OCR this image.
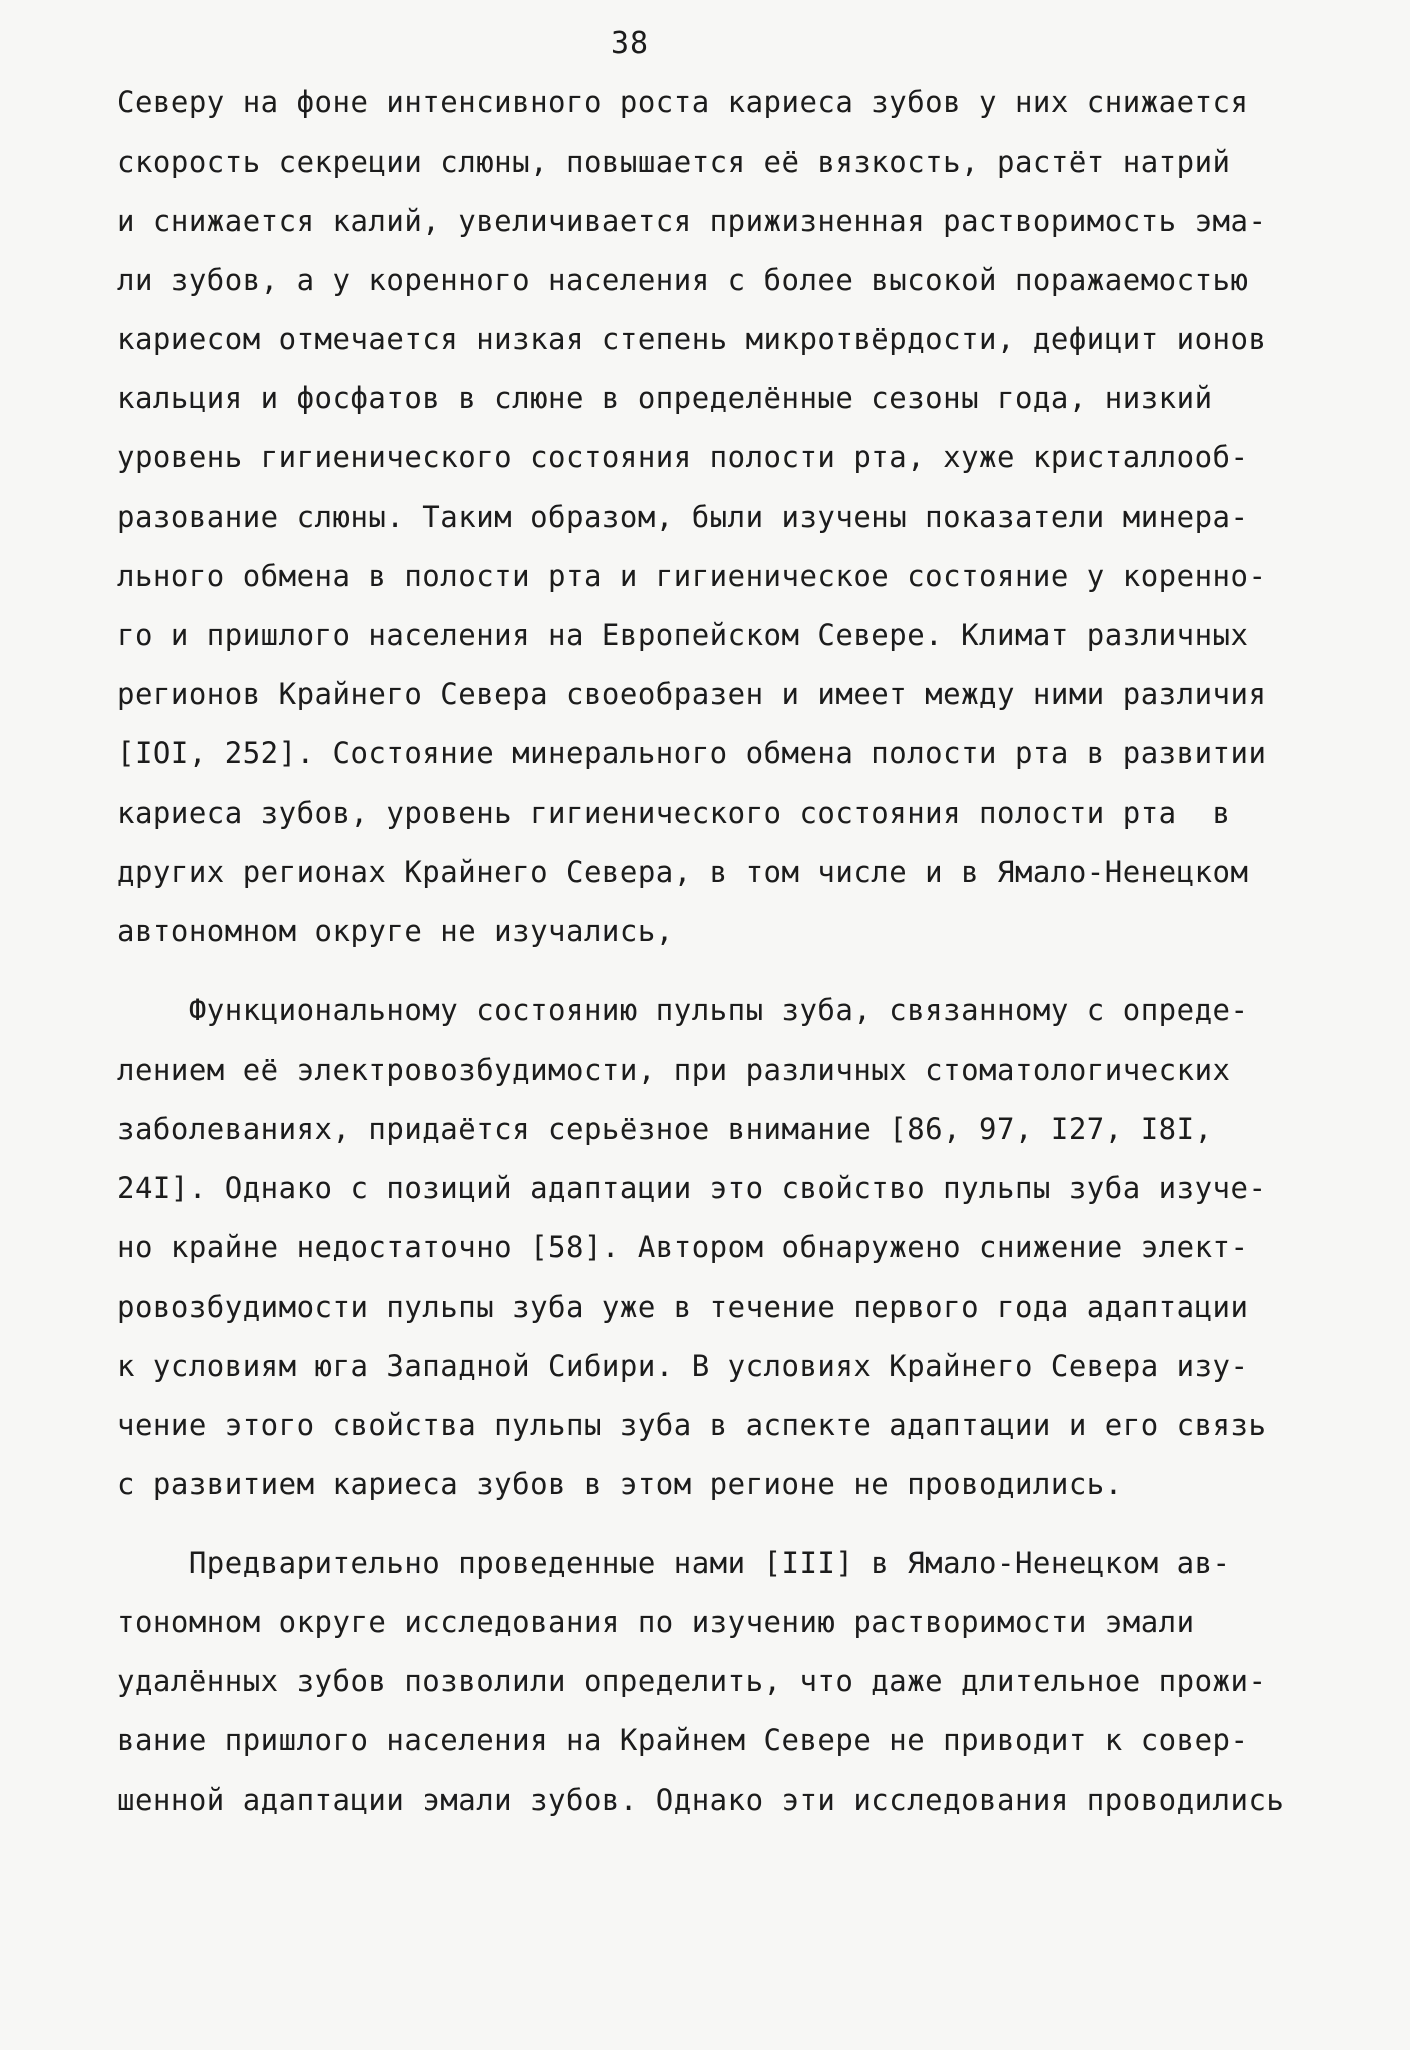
38
Северу на фоне интенсивного роста кариеса зубов у них снижается
скорость секреции слюны, повышается её вязкость, растёт натрий
и снижается калий, увеличивается прижизненная растворимость эма-
ли зубов, а у коренного населения с более высокой поражаемостью
кариесом отмечается низкая степень микротвёрдости, дефицит ионов
кальция и фосфатов в слюне в определённые сезоны года, низкий
уровень гигиенического состояния полости рта, хуже кристаллооб-
разование слюны. Таким образом, были изучены показатели минера-
льного обмена в полости рта и гигиеническое состояние у коренно-
го и пришлого населения на Европейском Севере. Климат различных
регионов Крайнего Севера своеобразен и имеет между ними различия
[IOI, 252]. Состояние минерального обмена полости рта в развитии
кариеса зубов, уровень гигиенического состояния полости рта  в
других регионах Крайнего Севера, в том числе и в Ямало-Ненецком
автономном округе не изучались,
Функциональному состоянию пульпы зуба, связанному с опреде-
лением её электровозбудимости, при различных стоматологических
заболеваниях, придаётся серьёзное внимание [86, 97, I27, I8I,
24I]. Однако с позиций адаптации это свойство пульпы зуба изуче-
но крайне недостаточно [58]. Автором обнаружено снижение элект-
ровозбудимости пульпы зуба уже в течение первого года адаптации
к условиям юга Западной Сибири. В условиях Крайнего Севера изу-
чение этого свойства пульпы зуба в аспекте адаптации и его связь
с развитием кариеса зубов в этом регионе не проводились.
Предварительно проведенные нами [III] в Ямало-Ненецком ав-
тономном округе исследования по изучению растворимости эмали
удалённых зубов позволили определить, что даже длительное прожи-
вание пришлого населения на Крайнем Севере не приводит к совер-
шенной адаптации эмали зубов. Однако эти исследования проводились
